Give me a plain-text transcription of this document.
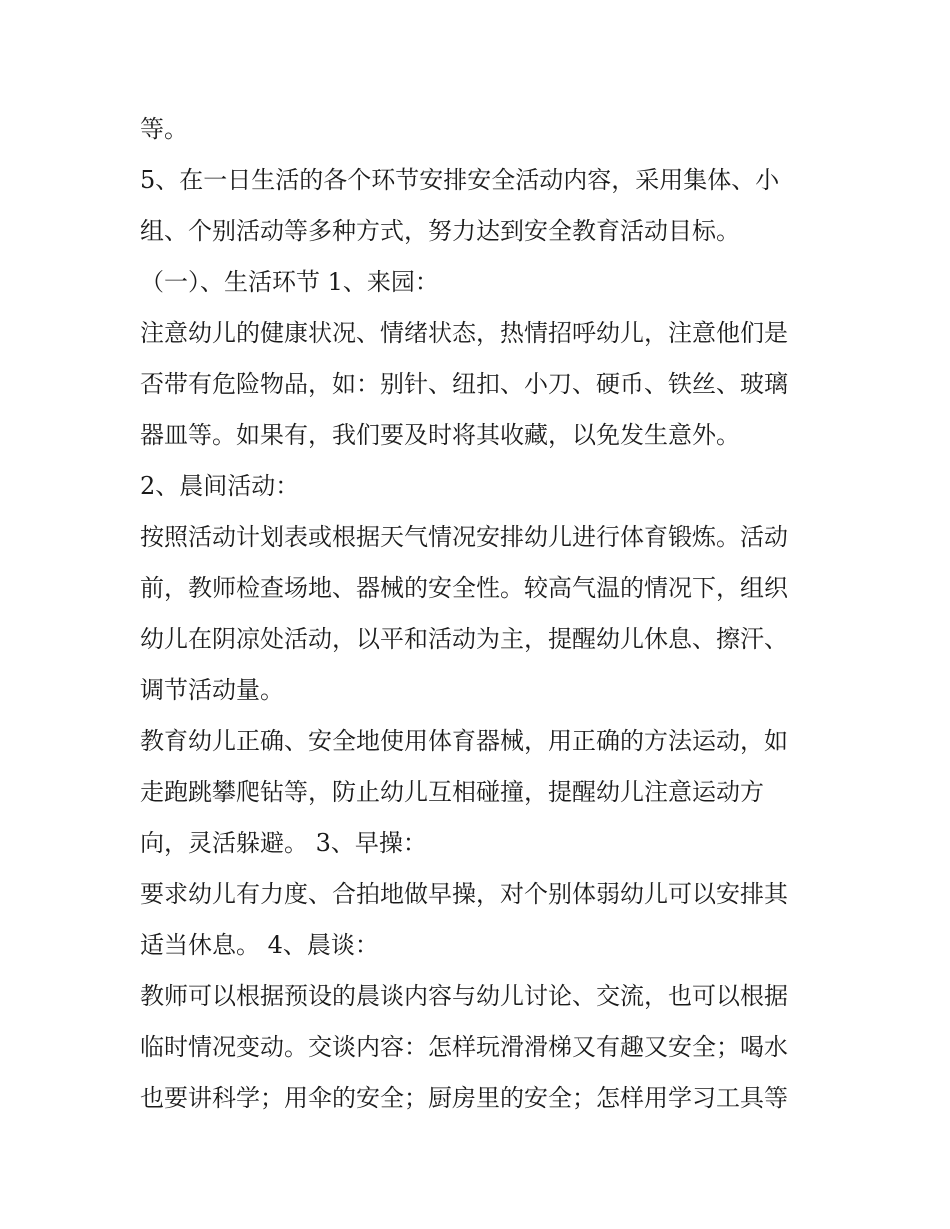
等。
5、在一日生活的各个环节安排安全活动内容，采用集体、小
组、个别活动等多种方式，努力达到安全教育活动目标。
（一）、生活环节 1、来园：
注意幼儿的健康状况、情绪状态，热情招呼幼儿，注意他们是
否带有危险物品，如：别针、纽扣、小刀、硬币、铁丝、玻璃
器皿等。如果有，我们要及时将其收藏，以免发生意外。
2、晨间活动：
按照活动计划表或根据天气情况安排幼儿进行体育锻炼。活动
前，教师检查场地、器械的安全性。较高气温的情况下，组织
幼儿在阴凉处活动，以平和活动为主，提醒幼儿休息、擦汗、
调节活动量。
教育幼儿正确、安全地使用体育器械，用正确的方法运动，如
走跑跳攀爬钻等，防止幼儿互相碰撞，提醒幼儿注意运动方
向，灵活躲避。 3、早操：
要求幼儿有力度、合拍地做早操，对个别体弱幼儿可以安排其
适当休息。 4、晨谈：
教师可以根据预设的晨谈内容与幼儿讨论、交流，也可以根据
临时情况变动。交谈内容：怎样玩滑滑梯又有趣又安全；喝水
也要讲科学；用伞的安全；厨房里的安全；怎样用学习工具等
